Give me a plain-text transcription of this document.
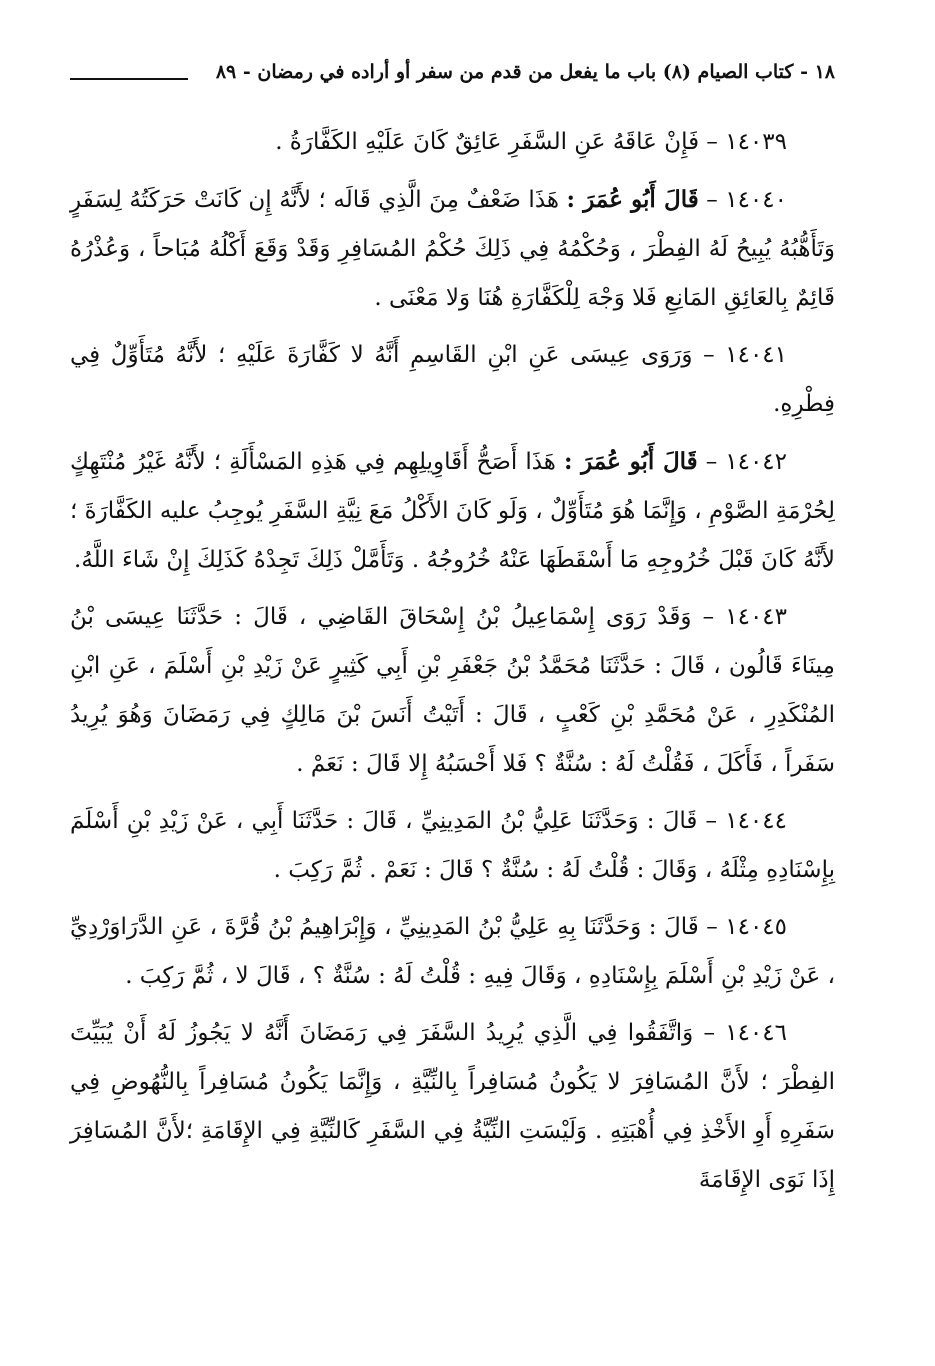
١٨ - كتاب الصيام (٨) باب ما يفعل من قدم من سفر أو أراده في رمضان - ٨٩

١٤٠٣٩ – فَإِنْ عَاقَهُ عَنِ السَّفَرِ عَائِقٌ كَانَ عَلَيْهِ الكَفَّارَةُ .

١٤٠٤٠ – قَالَ أَبُو عُمَرَ : هَذَا ضَعْفٌ مِنَ الَّذِي قَالَه ؛ لأَنَّهُ إِن كَانَتْ حَرَكَتُهُ لِسَفَرٍ وَتَأَهُّبُهُ يُبِيحُ لَهُ الفِطْرَ ، وَحُكْمُهُ فِي ذَلِكَ حُكْمُ المُسَافِرِ وَقَدْ وَقَعَ أَكْلُهُ مُبَاحاً ، وَعُذْرُهُ قَائِمٌ بِالعَائِقِ المَانِعِ فَلا وَجْهَ لِلْكَفَّارَةِ هُنَا وَلا مَعْنَى .

١٤٠٤١ – وَرَوَى عِيسَى عَنِ ابْنِ القَاسِمِ أَنَّهُ لا كَفَّارَةَ عَلَيْهِ ؛ لأَنَّهُ مُتَأَوِّلٌ فِي فِطْرِهِ.

١٤٠٤٢ – قَالَ أَبُو عُمَرَ : هَذَا أَصَحُّ أَقَاوِيلِهِم فِي هَذِهِ المَسْأَلَةِ ؛ لأَنَّهُ غَيْرُ مُنْتَهِكٍ لِحُرْمَةِ الصَّوْمِ ، وَإِنَّمَا هُوَ مُتَأَوِّلٌ ، وَلَو كَانَ الأَكْلُ مَعَ نِيَّةِ السَّفَرِ يُوجِبُ عليه الكَفَّارَةَ ؛ لأَنَّهُ كَانَ قَبْلَ خُرُوجِهِ مَا أَسْقَطَهَا عَنْهُ خُرُوجُهُ . وَتَأَمَّلْ ذَلِكَ تَجِدْهُ كَذَلِكَ إِنْ شَاءَ اللَّهُ.

١٤٠٤٣ – وَقَدْ رَوَى إِسْمَاعِيلُ بْنُ إِسْحَاقَ القَاضِي ، قَالَ : حَدَّثَنَا عِيسَى بْنُ مِينَاءَ قَالُون ، قَالَ : حَدَّثَنَا مُحَمَّدُ بْنُ جَعْفَرِ بْنِ أَبِي كَثِيرٍ عَنْ زَيْدِ بْنِ أَسْلَمَ ، عَنِ ابْنِ المُنْكَدِرِ ، عَنْ مُحَمَّدِ بْنِ كَعْبٍ ، قَالَ : أَتَيْتُ أَنَسَ بْنَ مَالِكٍ فِي رَمَضَانَ وَهُوَ يُرِيدُ سَفَراً ، فَأَكَلَ ، فَقُلْتُ لَهُ : سُنَّةٌ ؟ فَلا أَحْسَبُهُ إِلا قَالَ : نَعَمْ .

١٤٠٤٤ – قَالَ : وَحَدَّثَنَا عَلِيُّ بْنُ المَدِينِيِّ ، قَالَ : حَدَّثَنَا أَبِي ، عَنْ زَيْدِ بْنِ أَسْلَمَ بِإِسْنَادِهِ مِثْلَهُ ، وَقَالَ : قُلْتُ لَهُ : سُنَّةٌ ؟ قَالَ : نَعَمْ . ثُمَّ رَكِبَ .

١٤٠٤٥ – قَالَ : وَحَدَّثَنَا بِهِ عَلِيُّ بْنُ المَدِينِيِّ ، وَإِبْرَاهِيمُ بْنُ قُرَّةَ ، عَنِ الدَّرَاوَرْدِيِّ ، عَنْ زَيْدِ بْنِ أَسْلَمَ بِإِسْنَادِهِ ، وَقَالَ فِيهِ : قُلْتُ لَهُ : سُنَّةٌ ؟ ، قَالَ لا ، ثُمَّ رَكِبَ .

١٤٠٤٦ – وَاتَّفَقُوا فِي الَّذِي يُرِيدُ السَّفَرَ فِي رَمَضَانَ أَنَّهُ لا يَجُوزُ لَهُ أَنْ يُبَيِّتَ الفِطْرَ ؛ لأَنَّ المُسَافِرَ لا يَكُونُ مُسَافِراً بِالنِّيَّةِ ، وَإِنَّمَا يَكُونُ مُسَافِراً بِالنُّهُوضِ فِي سَفَرِهِ أَوِ الأَخْذِ فِي أُهْبَتِهِ . وَلَيْسَتِ النِّيَّةُ فِي السَّفَرِ كَالنِّيَّةِ فِي الإِقَامَةِ ؛لأَنَّ المُسَافِرَ إِذَا نَوَى الإِقَامَةَ
